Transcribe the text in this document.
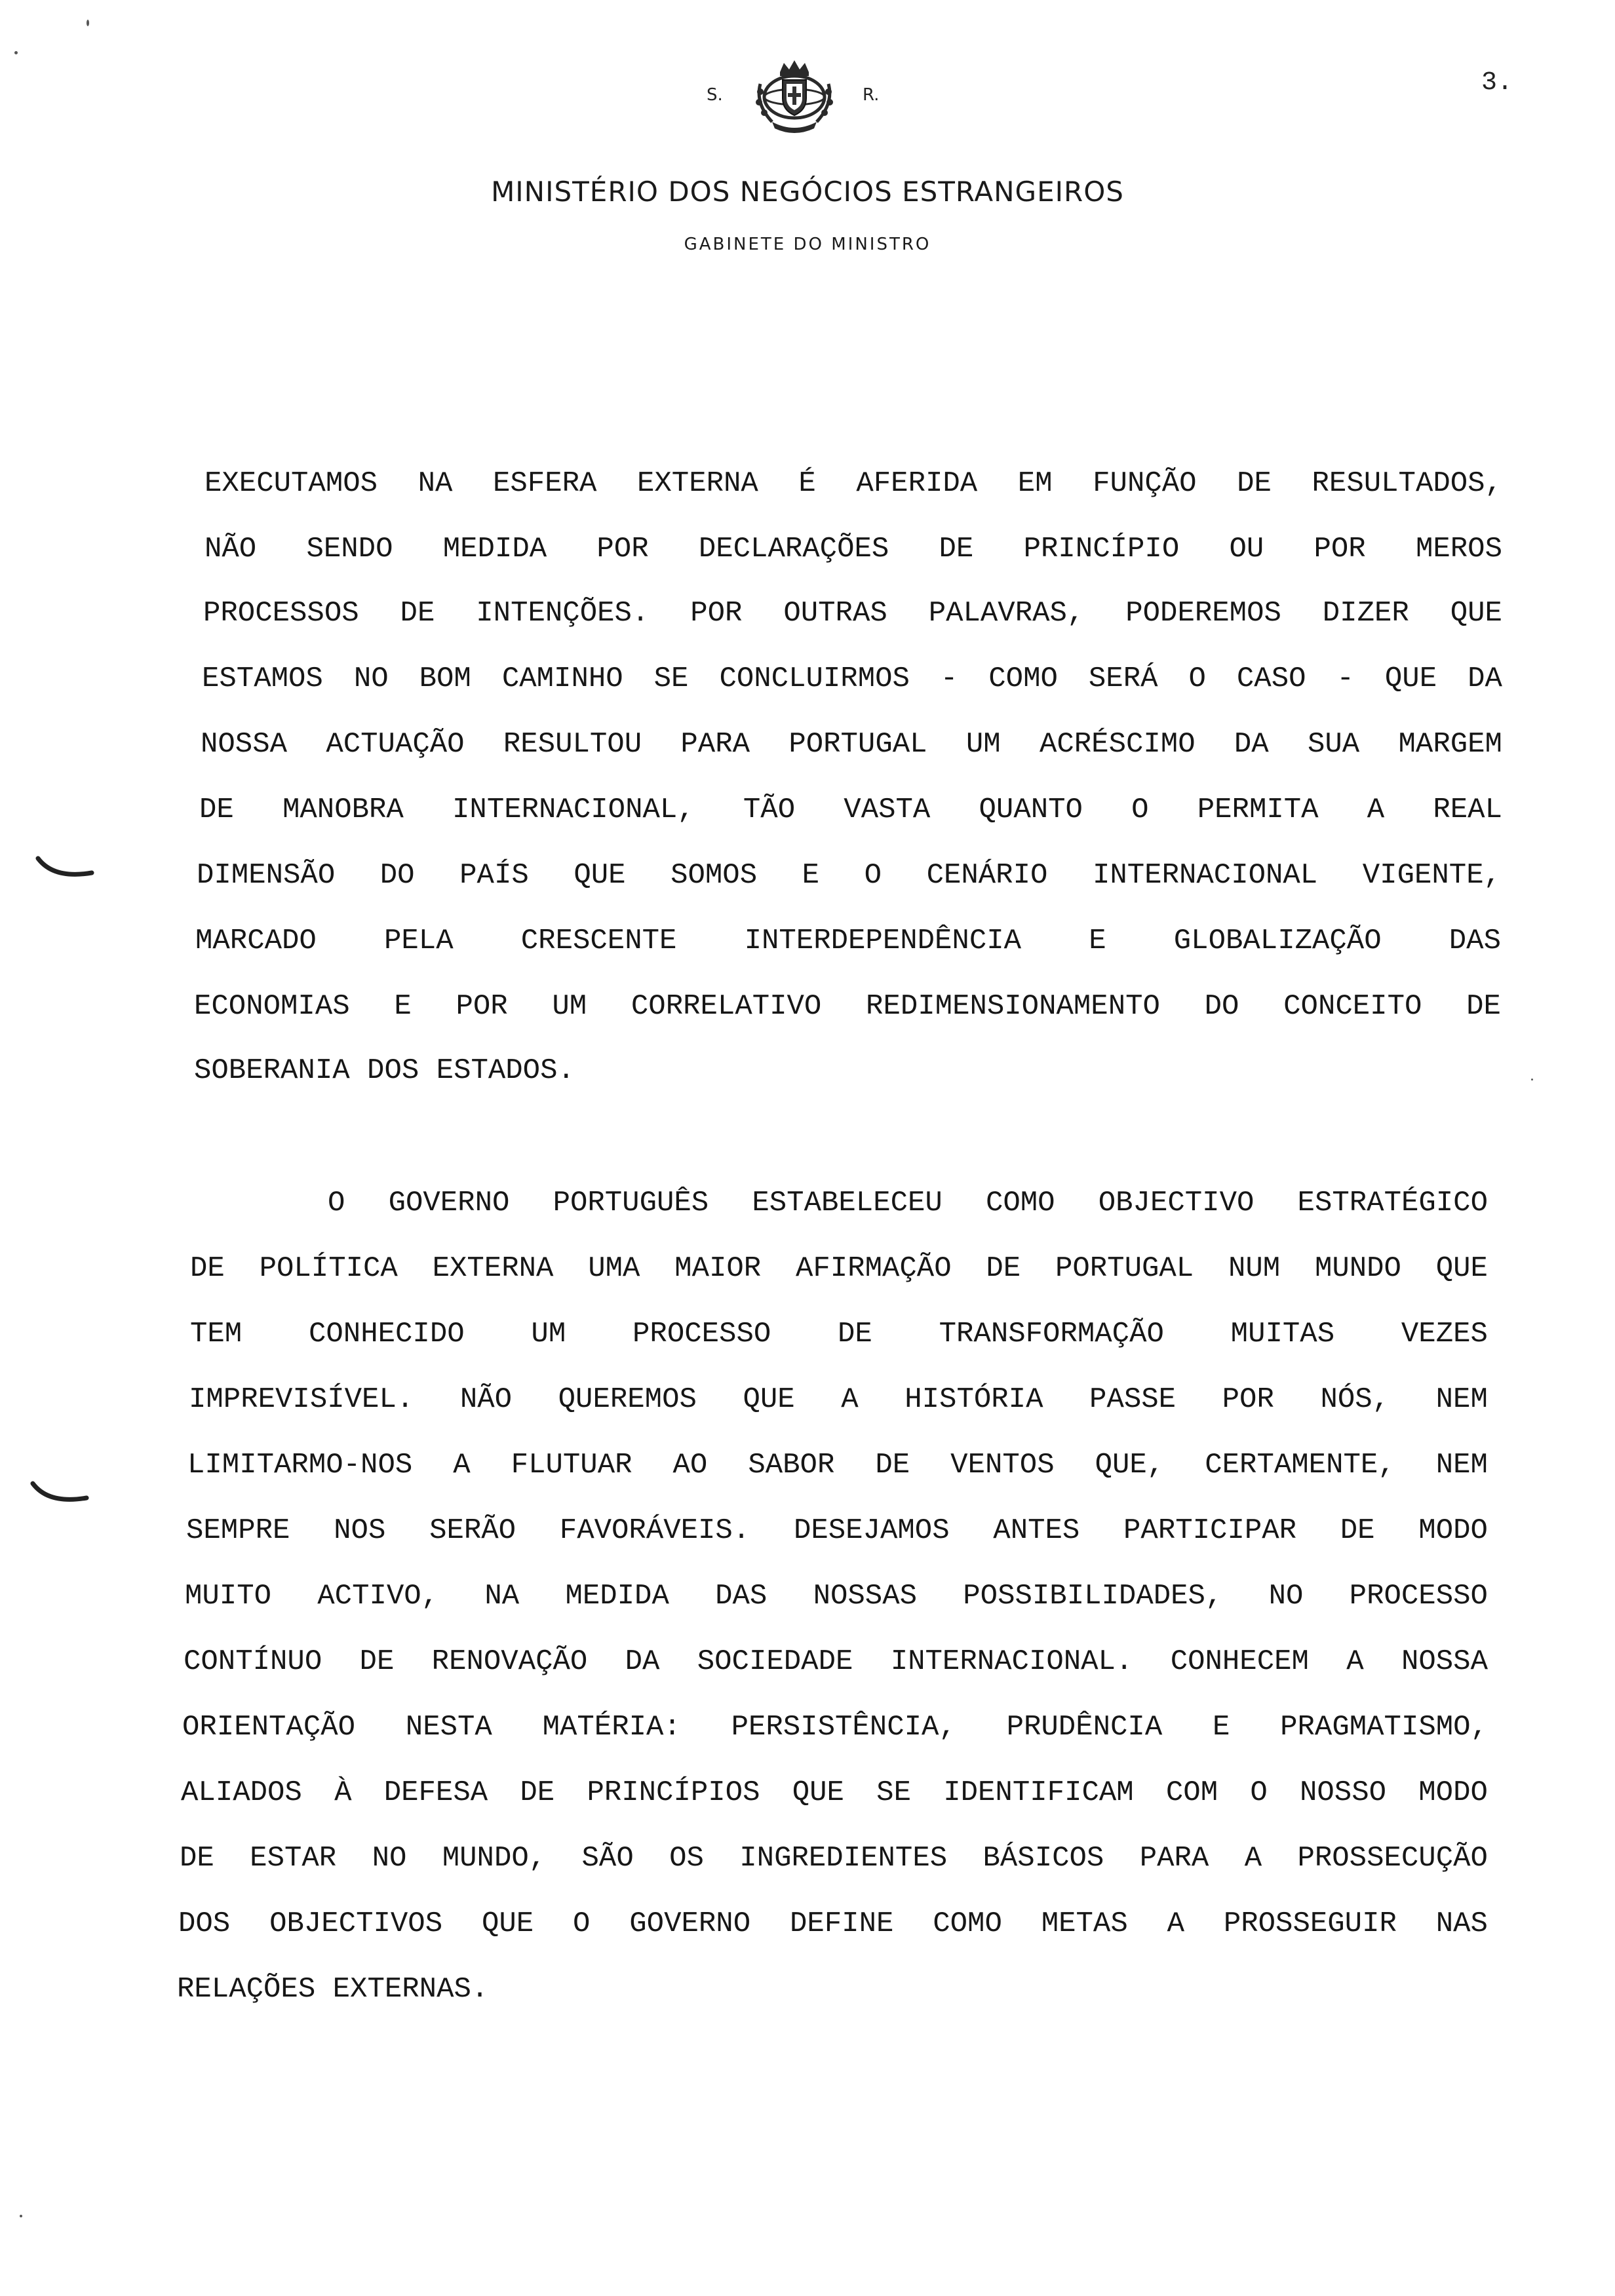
S.	R.	3.
MINISTÉRIO DOS NEGÓCIOS ESTRANGEIROS
GABINETE DO MINISTRO
EXECUTAMOS NA ESFERA EXTERNA É AFERIDA EM FUNÇÃO DE RESULTADOS,
NÃO SENDO MEDIDA POR DECLARAÇÕES DE PRINCÍPIO OU POR MEROS
PROCESSOS DE INTENÇÕES. POR OUTRAS PALAVRAS, PODEREMOS DIZER QUE
ESTAMOS NO BOM CAMINHO SE CONCLUIRMOS - COMO SERÁ O CASO - QUE DA
NOSSA ACTUAÇÃO RESULTOU PARA PORTUGAL UM ACRÉSCIMO DA SUA MARGEM
DE MANOBRA INTERNACIONAL, TÃO VASTA QUANTO O PERMITA A REAL
DIMENSÃO DO PAÍS QUE SOMOS E O CENÁRIO INTERNACIONAL VIGENTE,
MARCADO PELA CRESCENTE INTERDEPENDÊNCIA E GLOBALIZAÇÃO DAS
ECONOMIAS E POR UM CORRELATIVO REDIMENSIONAMENTO DO CONCEITO DE
SOBERANIA DOS ESTADOS.
O GOVERNO PORTUGUÊS ESTABELECEU COMO OBJECTIVO ESTRATÉGICO
DE POLÍTICA EXTERNA UMA MAIOR AFIRMAÇÃO DE PORTUGAL NUM MUNDO QUE
TEM CONHECIDO UM PROCESSO DE TRANSFORMAÇÃO MUITAS VEZES
IMPREVISÍVEL. NÃO QUEREMOS QUE A HISTÓRIA PASSE POR NÓS, NEM
LIMITARMO-NOS A FLUTUAR AO SABOR DE VENTOS QUE, CERTAMENTE, NEM
SEMPRE NOS SERÃO FAVORÁVEIS. DESEJAMOS ANTES PARTICIPAR DE MODO
MUITO ACTIVO, NA MEDIDA DAS NOSSAS POSSIBILIDADES, NO PROCESSO
CONTÍNUO DE RENOVAÇÃO DA SOCIEDADE INTERNACIONAL. CONHECEM A NOSSA
ORIENTAÇÃO NESTA MATÉRIA: PERSISTÊNCIA, PRUDÊNCIA E PRAGMATISMO,
ALIADOS À DEFESA DE PRINCÍPIOS QUE SE IDENTIFICAM COM O NOSSO MODO
DE ESTAR NO MUNDO, SÃO OS INGREDIENTES BÁSICOS PARA A PROSSECUÇÃO
DOS OBJECTIVOS QUE O GOVERNO DEFINE COMO METAS A PROSSEGUIR NAS
RELAÇÕES EXTERNAS.
